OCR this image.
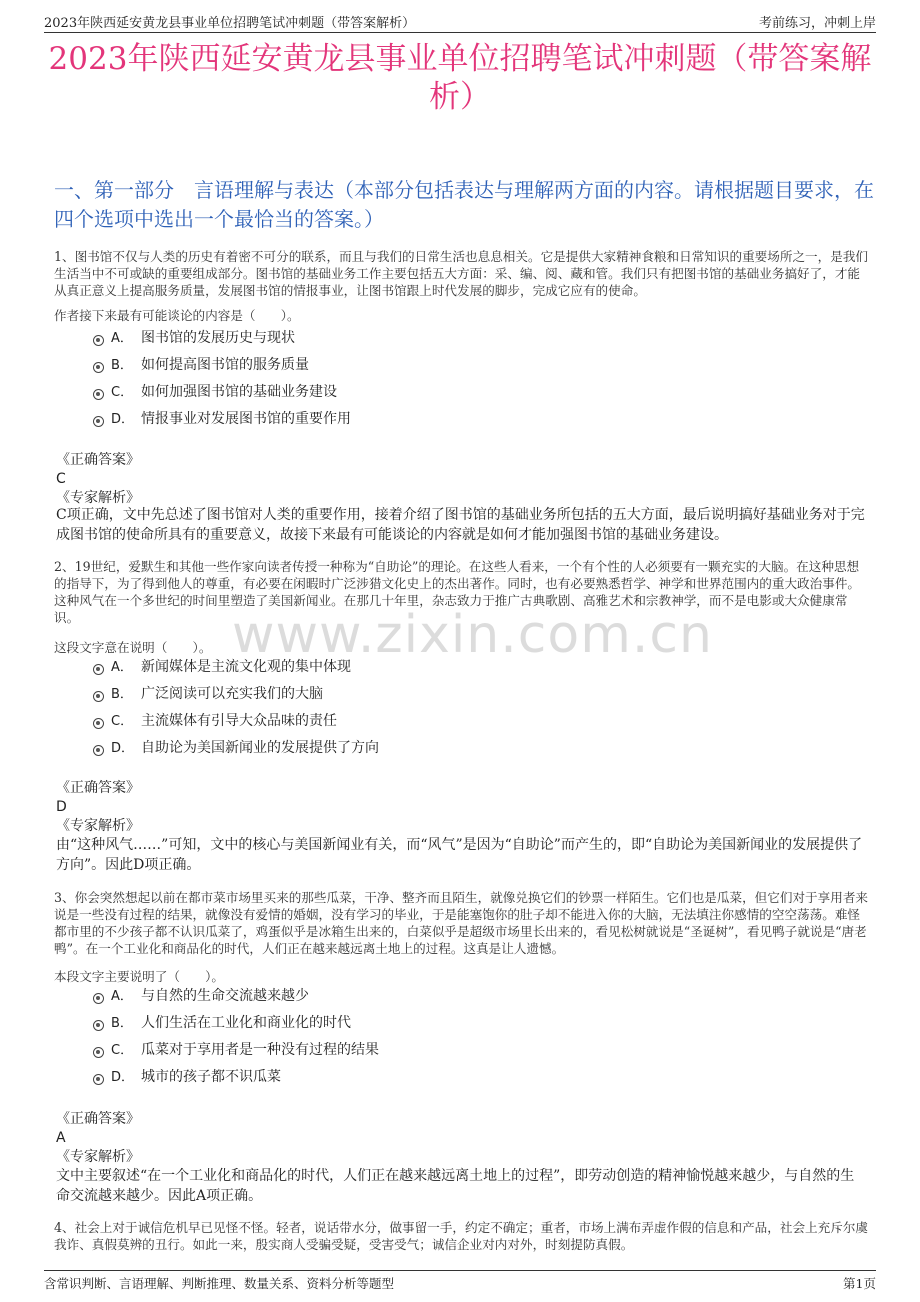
2023年陕西延安黄龙县事业单位招聘笔试冲刺题（带答案解析）	考前练习，冲刺上岸
2023年陕西延安黄龙县事业单位招聘笔试冲刺题（带答案解析）
一、第一部分　言语理解与表达（本部分包括表达与理解两方面的内容。请根据题目要求，在四个选项中选出一个最恰当的答案。）
www.zixin.com.cn
1、图书馆不仅与人类的历史有着密不可分的联系，而且与我们的日常生活也息息相关。它是提供大家精神食粮和日常知识的重要场所之一，是我们生活当中不可或缺的重要组成部分。图书馆的基础业务工作主要包括五大方面：采、编、阅、藏和管。我们只有把图书馆的基础业务搞好了，才能从真正意义上提高服务质量，发展图书馆的情报事业，让图书馆跟上时代发展的脚步，完成它应有的使命。
作者接下来最有可能谈论的内容是（　　）。
A． 图书馆的发展历史与现状
B． 如何提高图书馆的服务质量
C． 如何加强图书馆的基础业务建设
D． 情报事业对发展图书馆的重要作用
《正确答案》
C
《专家解析》
C项正确，文中先总述了图书馆对人类的重要作用，接着介绍了图书馆的基础业务所包括的五大方面，最后说明搞好基础业务对于完成图书馆的使命所具有的重要意义，故接下来最有可能谈论的内容就是如何才能加强图书馆的基础业务建设。
2、19世纪，爱默生和其他一些作家向读者传授一种称为“自助论”的理论。在这些人看来，一个有个性的人必须要有一颗充实的大脑。在这种思想的指导下，为了得到他人的尊重，有必要在闲暇时广泛涉猎文化史上的杰出著作。同时，也有必要熟悉哲学、神学和世界范围内的重大政治事件。这种风气在一个多世纪的时间里塑造了美国新闻业。在那几十年里，杂志致力于推广古典歌剧、高雅艺术和宗教神学，而不是电影或大众健康常识。
这段文字意在说明（　　）。
A． 新闻媒体是主流文化观的集中体现
B． 广泛阅读可以充实我们的大脑
C． 主流媒体有引导大众品味的责任
D． 自助论为美国新闻业的发展提供了方向
《正确答案》
D
《专家解析》
由“这种风气……”可知，文中的核心与美国新闻业有关，而“风气”是因为“自助论”而产生的，即“自助论为美国新闻业的发展提供了方向”。因此D项正确。
3、你会突然想起以前在都市菜市场里买来的那些瓜菜，干净、整齐而且陌生，就像兑换它们的钞票一样陌生。它们也是瓜菜，但它们对于享用者来说是一些没有过程的结果，就像没有爱情的婚姻，没有学习的毕业，于是能塞饱你的肚子却不能进入你的大脑，无法填注你感情的空空荡荡。难怪都市里的不少孩子都不认识瓜菜了，鸡蛋似乎是冰箱生出来的，白菜似乎是超级市场里长出来的，看见松树就说是“圣诞树”，看见鸭子就说是“唐老鸭”。在一个工业化和商品化的时代，人们正在越来越远离土地上的过程。这真是让人遗憾。
本段文字主要说明了（　　）。
A． 与自然的生命交流越来越少
B． 人们生活在工业化和商业化的时代
C． 瓜菜对于享用者是一种没有过程的结果
D． 城市的孩子都不识瓜菜
《正确答案》
A
《专家解析》
文中主要叙述“在一个工业化和商品化的时代，人们正在越来越远离土地上的过程”，即劳动创造的精神愉悦越来越少，与自然的生命交流越来越少。因此A项正确。
4、社会上对于诚信危机早已见怪不怪。轻者，说话带水分，做事留一手，约定不确定；重者，市场上满布弄虚作假的信息和产品，社会上充斥尔虞我诈、真假莫辨的丑行。如此一来，殷实商人受骗受疑，受害受气；诚信企业对内对外，时刻提防真假。
含常识判断、言语理解、判断推理、数量关系、资料分析等题型	第1页
